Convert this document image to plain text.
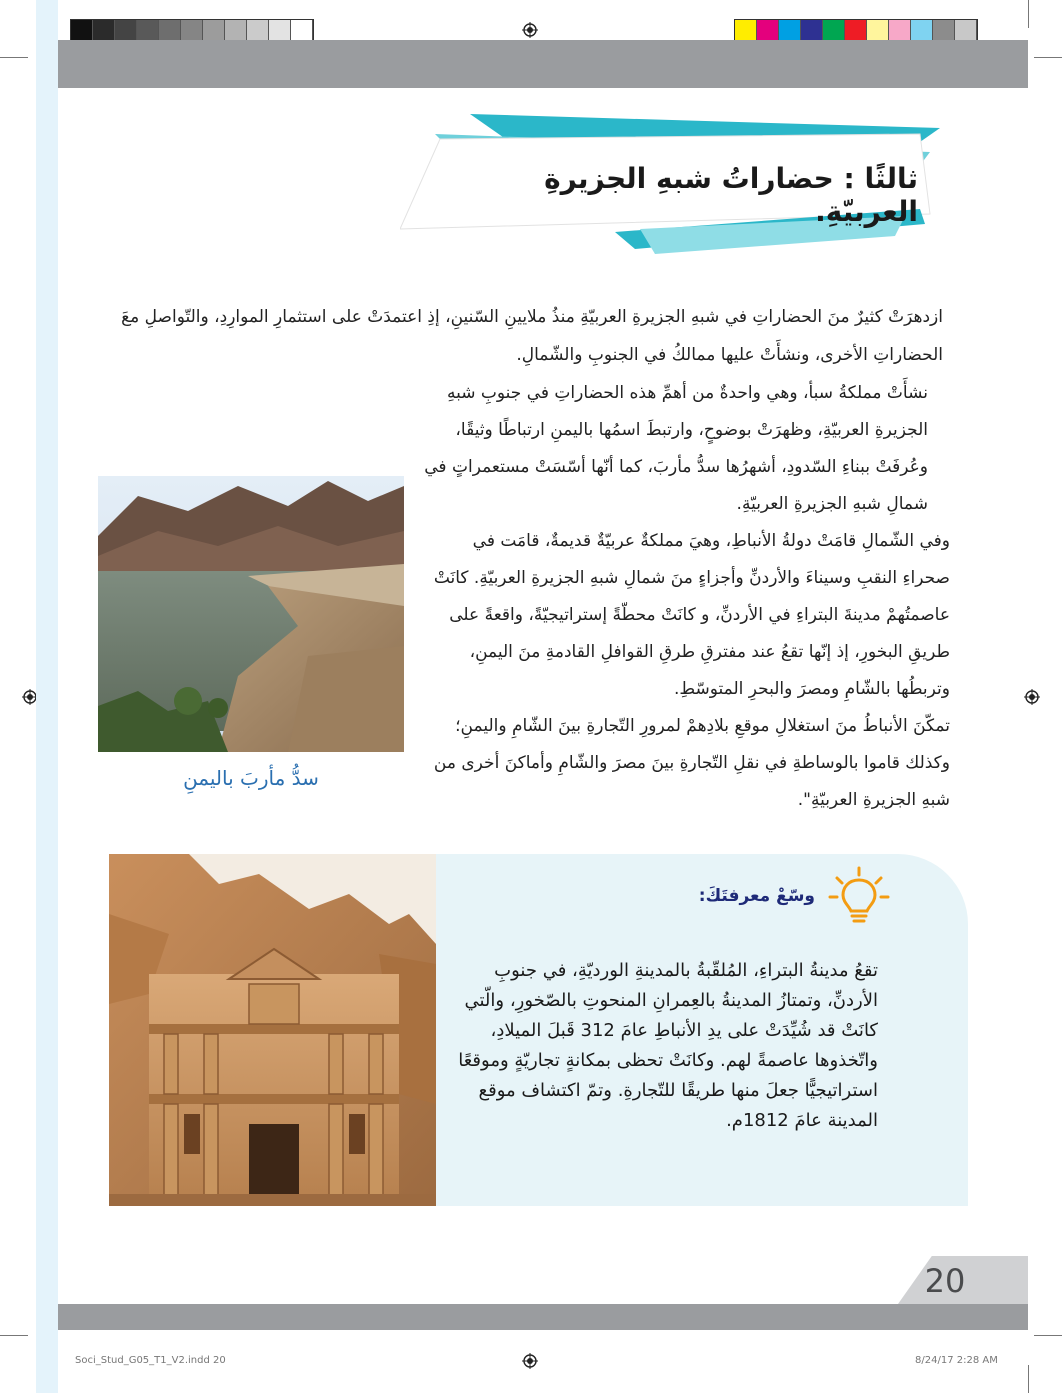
ثالثًا : حضاراتُ شبهِ الجزيرةِ العربيّةِ.
ازدهرَتْ كثيرٌ منَ الحضاراتِ في شبهِ الجزيرةِ العربيّةِ منذُ ملايينِ السّنينِ، إذِ اعتمدَتْ على استثمارِ الموارِدِ، والتّواصلِ معَ الحضاراتِ الأخرى، ونشأَتْ عليها ممالكُ في الجنوبِ والشّمالِ.

نشأَتْ مملكةُ سبأ، وهي واحدةٌ من أهمِّ هذه الحضاراتِ في جنوبِ شبهِ الجزيرةِ العربيّةِ، وظهرَتْ بوضوحٍ، وارتبطَ اسمُها باليمنِ ارتباطًا وثيقًا، وعُرفَتْ ببناءِ السّدودِ، أشهرُها سدُّ مأربَ، كما أنّها أسّسَتْ مستعمراتٍ في شمالِ شبهِ الجزيرةِ العربيّةِ.

وفي الشّمالِ قامَتْ دولةُ الأنباطِ، وهيَ مملكةٌ عربيّةٌ قديمةٌ، قامَت في صحراءِ النقبِ وسيناءَ والأردنِّ وأجزاءٍ منَ شمالِ شبهِ الجزيرةِ العربيّةِ. كانَتْ عاصمتُهمْ مدينةَ البتراءِ في الأردنِّ، و كانَتْ محطّةً إستراتيجيّةً، واقعةً على طريقِ البخورِ، إذ إنّها تقعُ عند مفترقِ طرقِ القوافلِ القادمةِ منَ اليمنِ، وتربطُها بالشّامِ ومصرَ والبحرِ المتوسّطِ.

تمكّنَ الأنباطُ منَ استغلالِ موقعِ بلادِهمْ لمرورِ التّجارةِ بينَ الشّامِ واليمنِ؛ وكذلك قاموا بالوساطةِ في نقلِ التّجارةِ بينَ مصرَ والشّامِ وأماكنَ أخرى من شبهِ الجزيرةِ العربيّةِ".

سدُّ مأربَ باليمنِ
وسّعْ معرفتَكَ:
تقعُ مدينةُ البتراءِ، المُلقّبةُ بالمدينةِ الورديّةِ، في جنوبِ الأردنِّ، وتمتازُ المدينةُ بالعِمرانِ المنحوتِ بالصّخورِ، والّتي كانَتْ قد شُيِّدَتْ على يدِ الأنباطِ عامَ 312 قَبلَ الميلادِ، واتّخذوها عاصمةً لهم. وكانَتْ تحظى بمكانةٍ تجاريّةٍ وموقعًا استراتيجيًّا جعلَ منها طريقًا للتّجارةِ. وتمّ اكتشاف موقع المدينة عامَ 1812م.
20
Soci_Stud_G05_T1_V2.indd 20	8/24/17 2:28 AM
